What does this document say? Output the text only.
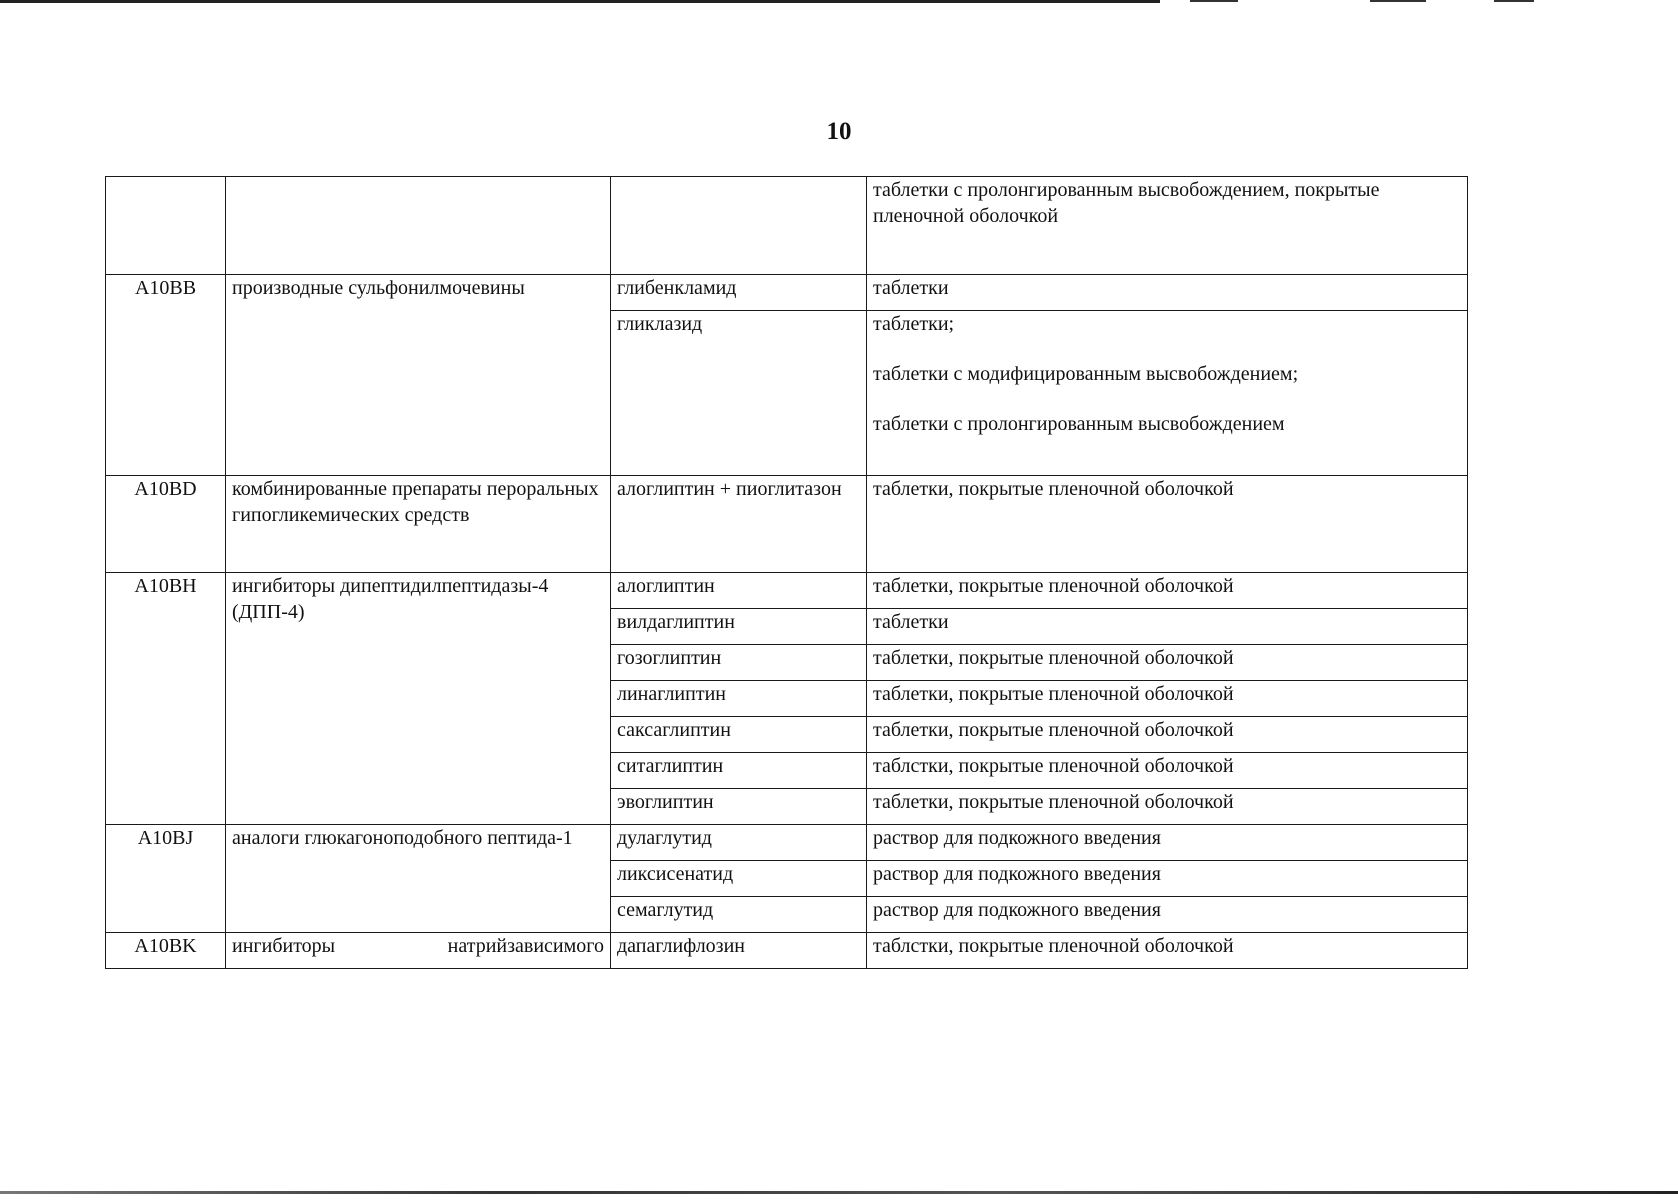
10
			таблетки с пролонгированным высвобождением, покрытые пленочной оболочкой
A10BB	производные сульфонилмочевины	глибенкламид	таблетки
		гликлазид	таблетки;
таблетки с модифицированным высвобождением;
таблетки с пролонгированным высвобождением

A10BD	комбинированные препараты пероральных гипогликемических средств	алоглиптин + пиоглитазон	таблетки, покрытые пленочной оболочкой
A10BH	ингибиторы дипептидилпептидазы-4 (ДПП-4)	алоглиптин	таблетки, покрытые пленочной оболочкой
		вилдаглиптин	таблетки
		гозоглиптин	таблетки, покрытые пленочной оболочкой
		линаглиптин	таблетки, покрытые пленочной оболочкой
		саксаглиптин	таблетки, покрытые пленочной оболочкой
		ситаглиптин	таблстки, покрытые пленочной оболочкой
		эвоглиптин	таблетки, покрытые пленочной оболочкой
A10BJ	аналоги глюкагоноподобного пептида-1	дулаглутид	раствор для подкожного введения
		ликсисенатид	раствор для подкожного введения
		семаглутид	раствор для подкожного введения
A10BK	ингибиторы натрийзависимого	дапаглифлозин	таблстки, покрытые пленочной оболочкой
